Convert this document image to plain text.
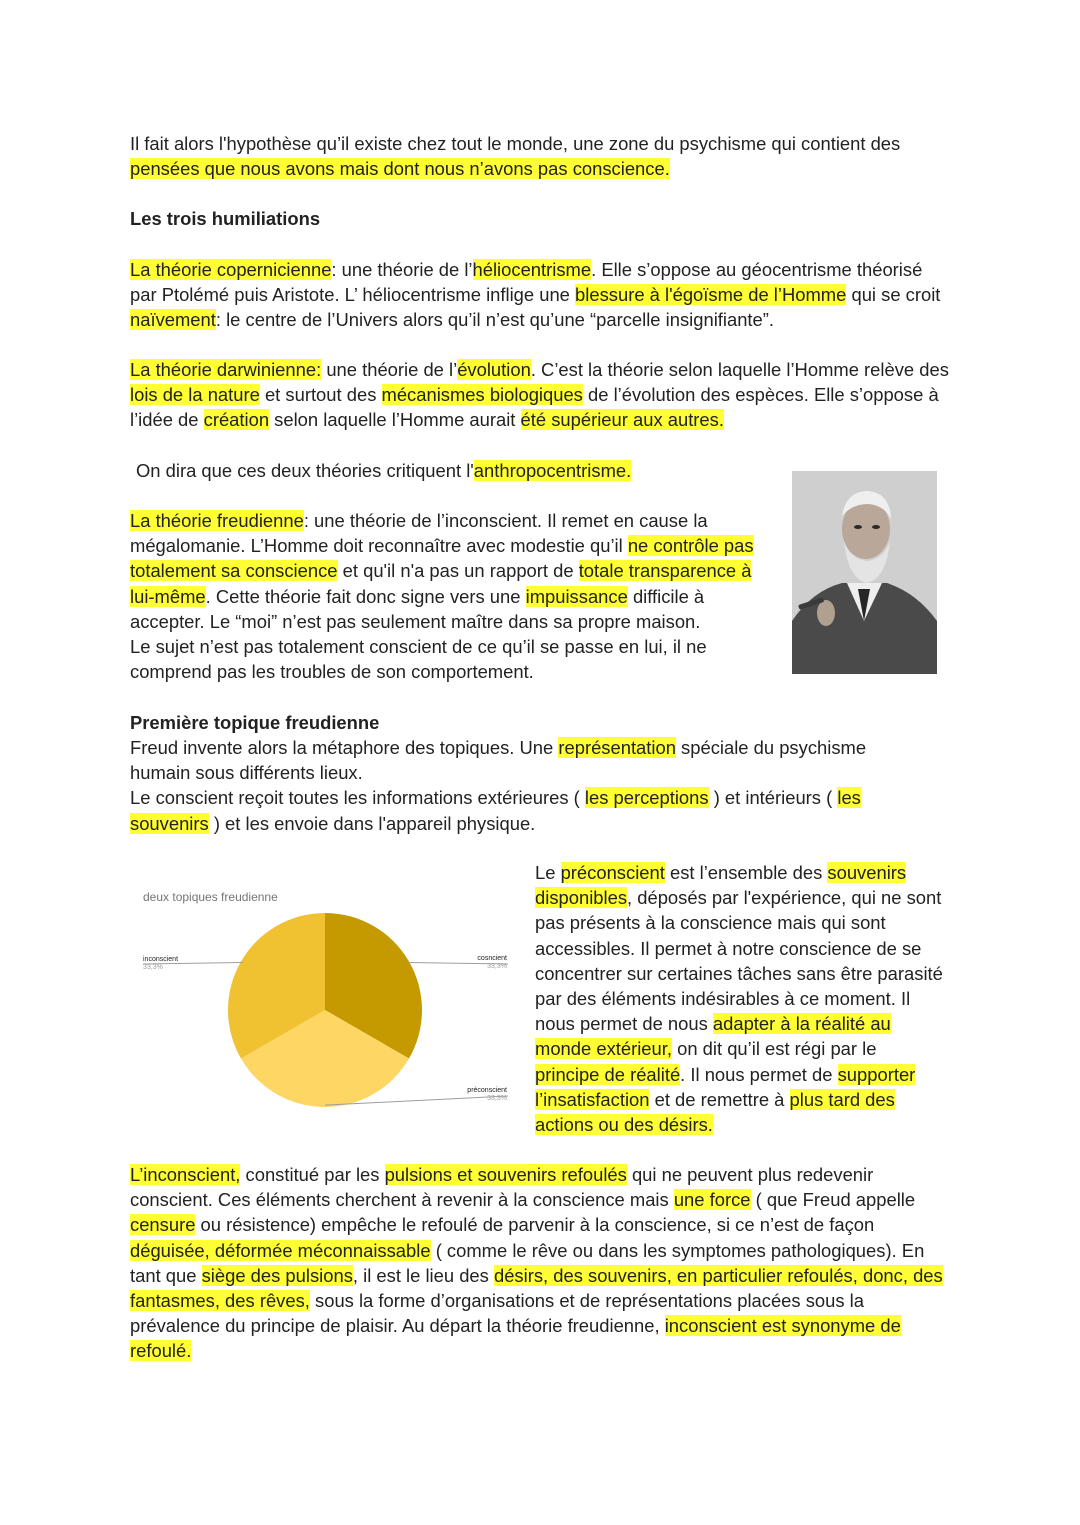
Il fait alors l'hypothèse qu’il existe chez tout le monde, une zone du psychisme qui contient des pensées que nous avons mais dont nous n’avons pas conscience.

Les trois humiliations

La théorie copernicienne: une théorie de l’héliocentrisme. Elle s’oppose au géocentrisme théorisé par Ptolémé puis Aristote. L’ héliocentrisme inflige une blessure à l'égoïsme de l’Homme qui se croit naïvement: le centre de l’Univers alors qu’il n’est qu’une “parcelle insignifiante”.

La théorie darwinienne: une théorie de l’évolution. C’est la théorie selon laquelle l’Homme relève des lois de la nature et surtout des mécanismes biologiques de l’évolution des espèces. Elle s’oppose à l’idée de création selon laquelle l’Homme aurait été supérieur aux autres.

On dira que ces deux théories critiquent l'anthropocentrisme.

La théorie freudienne: une théorie de l’inconscient. Il remet en cause la mégalomanie. L’Homme doit reconnaître avec modestie qu’il ne contrôle pas totalement sa conscience et qu'il n'a pas un rapport de totale transparence à lui-même. Cette théorie fait donc signe vers une impuissance difficile à accepter. Le “moi” n’est pas seulement maître dans sa propre maison.
Le sujet n’est pas totalement conscient de ce qu’il se passe en lui, il ne comprend pas les troubles de son comportement.

Première topique freudienne

Freud invente alors la métaphore des topiques. Une représentation spéciale du psychisme humain sous différents lieux.
Le conscient reçoit toutes les informations extérieures ( les perceptions ) et intérieurs ( les souvenirs ) et les envoie dans l'appareil physique.

deux topiques freudienne
cosncient
33,3%
préconscient
33,3%
inconscient
33,3%

Le préconscient est l’ensemble des souvenirs disponibles, déposés par l'expérience, qui ne sont pas présents à la conscience mais qui sont accessibles. Il permet à notre conscience de se concentrer sur certaines tâches sans être parasité par des éléments indésirables à ce moment. Il nous permet de nous adapter à la réalité au monde extérieur, on dit qu’il est régi par le principe de réalité. Il nous permet de supporter l’insatisfaction et de remettre à plus tard des actions ou des désirs.

L’inconscient, constitué par les pulsions et souvenirs refoulés qui ne peuvent plus redevenir conscient. Ces éléments cherchent à revenir à la conscience mais une force ( que Freud appelle censure ou résistence) empêche le refoulé de parvenir à la conscience, si ce n’est de façon déguisée, déformée méconnaissable ( comme le rêve ou dans les symptomes pathologiques). En tant que siège des pulsions, il est le lieu des désirs, des souvenirs, en particulier refoulés, donc, des fantasmes, des rêves, sous la forme d’organisations et de représentations placées sous la prévalence du principe de plaisir. Au départ la théorie freudienne, inconscient est synonyme de refoulé.
